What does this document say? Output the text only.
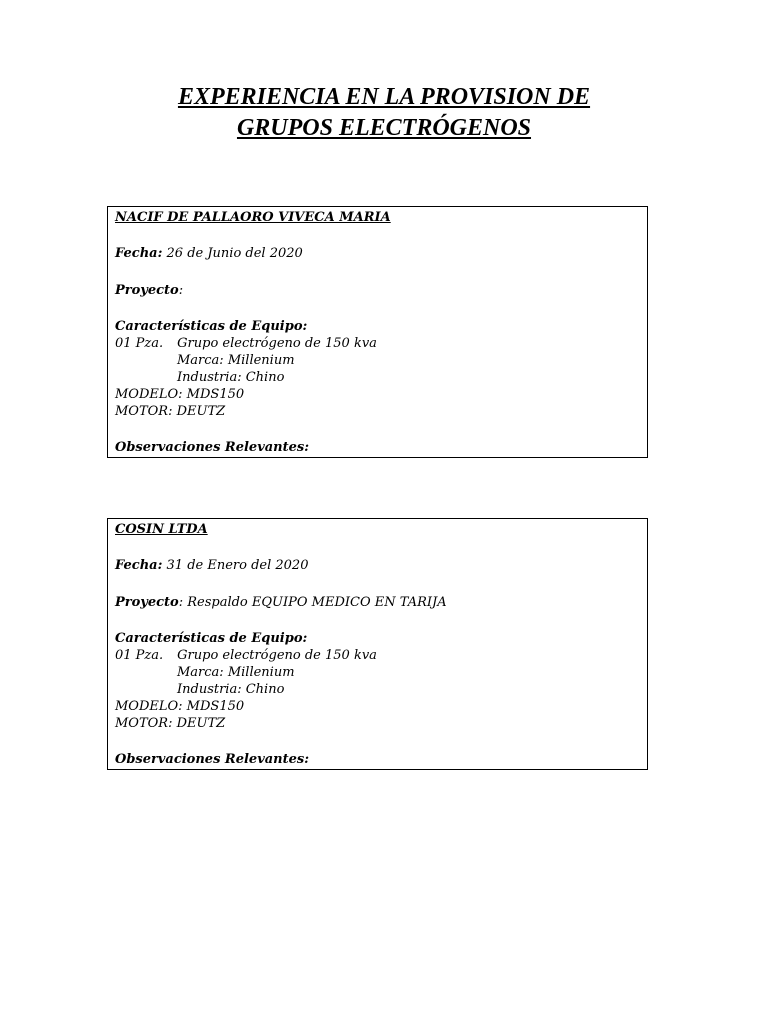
EXPERIENCIA EN LA PROVISION DE
GRUPOS ELECTRÓGENOS
NACIF DE PALLAORO VIVECA MARIA
Fecha: 26 de Junio del 2020
Proyecto:
Características de Equipo:
01 Pza. Grupo electrógeno de 150 kva
Marca: Millenium
Industria: Chino
MODELO: MDS150
MOTOR: DEUTZ
Observaciones Relevantes:
COSIN LTDA
Fecha: 31 de Enero del 2020
Proyecto: Respaldo EQUIPO MEDICO EN TARIJA
Características de Equipo:
01 Pza. Grupo electrógeno de 150 kva
Marca: Millenium
Industria: Chino
MODELO: MDS150
MOTOR: DEUTZ
Observaciones Relevantes:
